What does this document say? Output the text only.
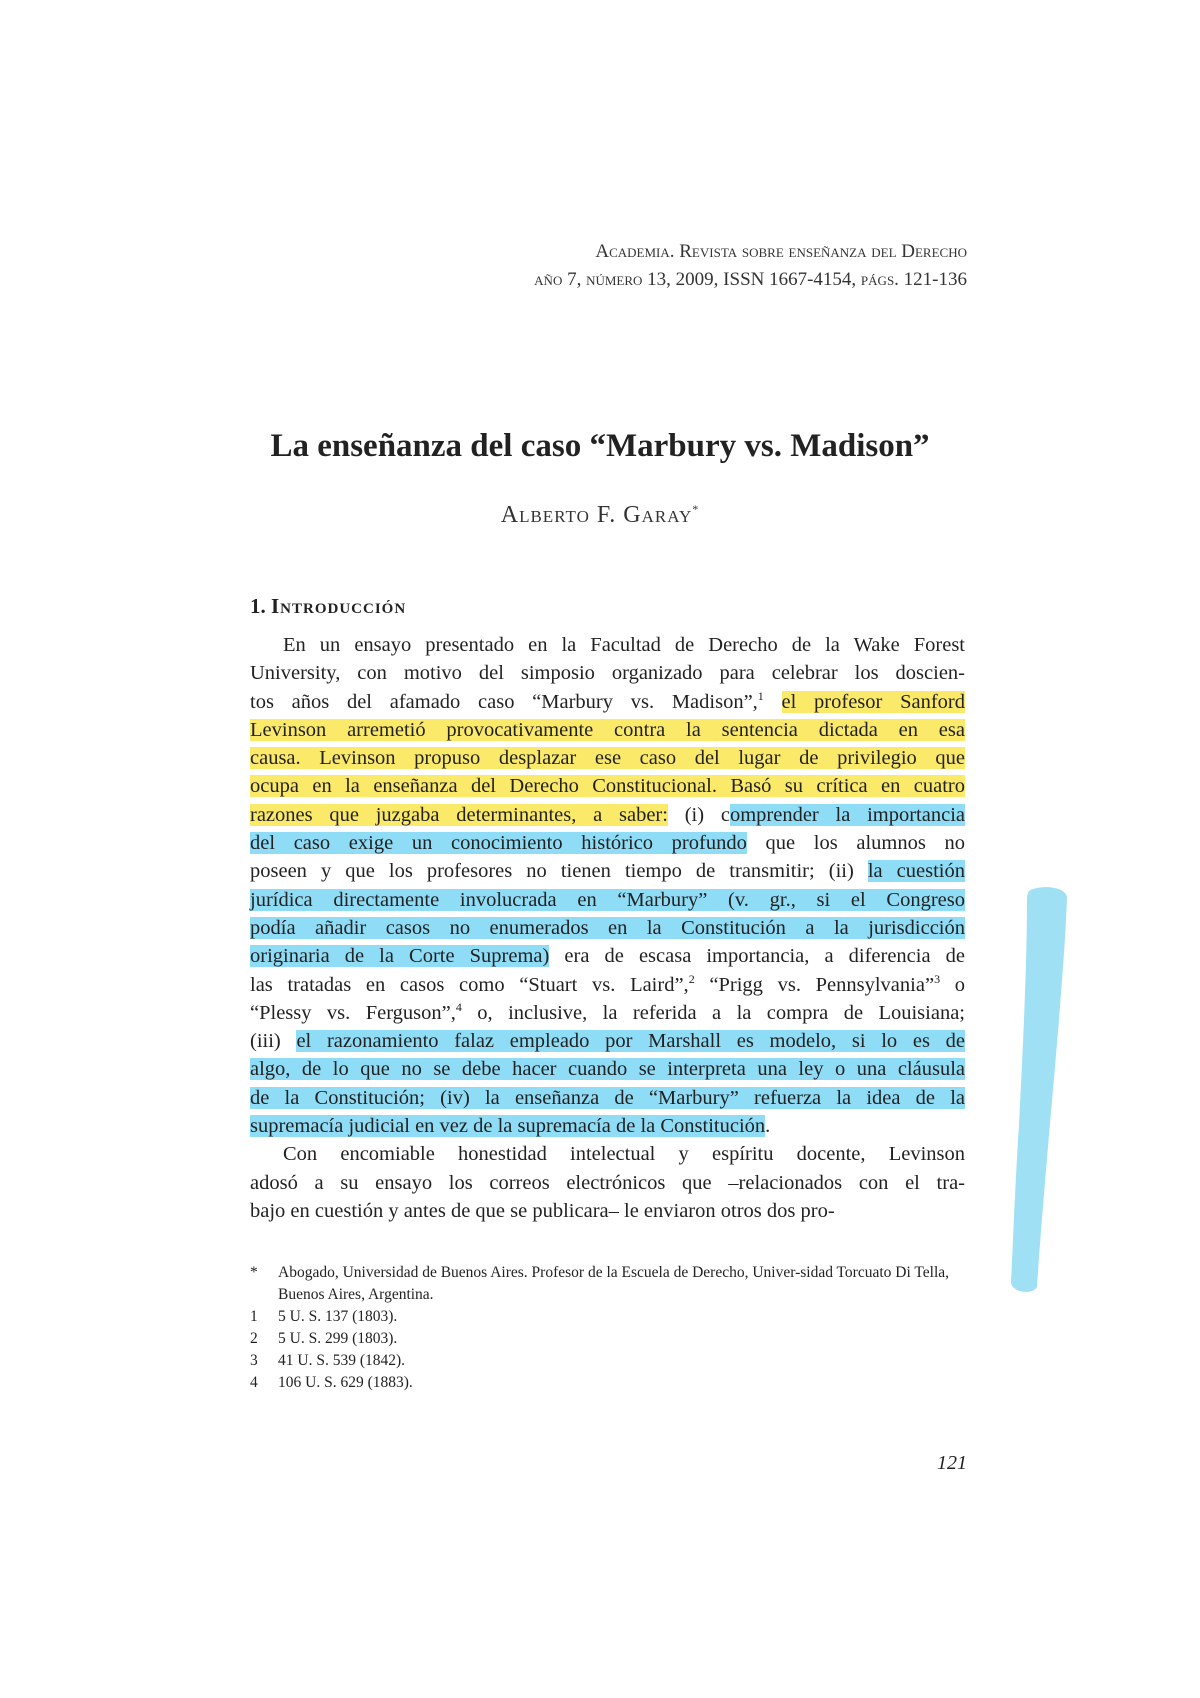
Academia. Revista sobre enseñanza del Derecho
año 7, número 13, 2009, ISSN 1667-4154, págs. 121-136
La enseñanza del caso “Marbury vs. Madison”
Alberto F. Garay*
1. Introducción
En un ensayo presentado en la Facultad de Derecho de la Wake Forest
University, con motivo del simposio organizado para celebrar los doscien-
tos años del afamado caso “Marbury vs. Madison”,$^1$ el profesor Sanford
Levinson arremetió provocativamente contra la sentencia dictada en esa
causa. Levinson propuso desplazar ese caso del lugar de privilegio que
ocupa en la enseñanza del Derecho Constitucional. Basó su crítica en cuatro
razones que juzgaba determinantes, a saber: (i) comprender la importancia
del caso exige un conocimiento histórico profundo que los alumnos no
poseen y que los profesores no tienen tiempo de transmitir; (ii) la cuestión
jurídica directamente involucrada en “Marbury” (v. gr., si el Congreso
podía añadir casos no enumerados en la Constitución a la jurisdicción
originaria de la Corte Suprema) era de escasa importancia, a diferencia de
las tratadas en casos como “Stuart vs. Laird”,$^2$ “Prigg vs. Pennsylvania”$^3$ o
“Plessy vs. Ferguson”,$^4$ o, inclusive, la referida a la compra de Louisiana;
(iii) el razonamiento falaz empleado por Marshall es modelo, si lo es de
algo, de lo que no se debe hacer cuando se interpreta una ley o una cláusula
de la Constitución; (iv) la enseñanza de “Marbury” refuerza la idea de la
supremacía judicial en vez de la supremacía de la Constitución.
Con encomiable honestidad intelectual y espíritu docente, Levinson
adosó a su ensayo los correos electrónicos que –relacionados con el tra-
bajo en cuestión y antes de que se publicara– le enviaron otros dos pro-
*	Abogado, Universidad de Buenos Aires. Profesor de la Escuela de Derecho, Univer-sidad Torcuato Di Tella, Buenos Aires, Argentina.
1	5 U. S. 137 (1803).
2	5 U. S. 299 (1803).
3	41 U. S. 539 (1842).
4	106 U. S. 629 (1883).
121
